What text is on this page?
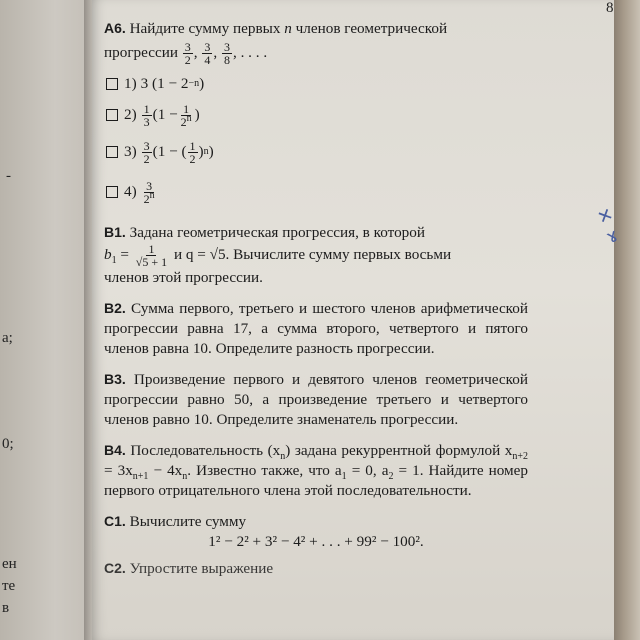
✕ ɤ
8
-
a;
0;
ен
те
в
А6. Найдите сумму первых n членов геометрической
прогрессии $\frac{3}{2}$ , $\frac{3}{4}$ , $\frac{3}{8}$ , . . . .
1) 3 (1 − 2 −n )
$2) \frac{1}{3} (1 - \frac{1}{2^n}$ )
$3) \frac{3}{2} (1$ − ( $\frac{1}{2}$ ) n )
$4) \frac{3}{2^n}$
В1. Задана геометрическая прогрессия, в которой
$b_1 = \frac{1}{√5 + 1}$ и q = √5. Вычислите сумму первых восьми
членов этой прогрессии.
В2. Сумма первого, третьего и шестого членов арифметической прогрессии равна 17, а сумма второго, четвертого и пятого членов равна 10. Определите разность прогрессии.
В3. Произведение первого и девятого членов геометрической прогрессии равно 50, а произведение третьего и четвертого членов равно 10. Определите знаменатель прогрессии.
В4. Последовательность $(x_n)$ задана рекуррентной формулой $x_{n+2} = 3x_{n+1} - 4x_n$. Известно также, что $a_1 = 0$, $a_2 = 1$. Найдите номер первого отрицательного члена этой последовательности.
С1. Вычислите сумму
1² − 2² + 3² − 4² + . . . + 99² − 100².
С2. Упростите выражение
